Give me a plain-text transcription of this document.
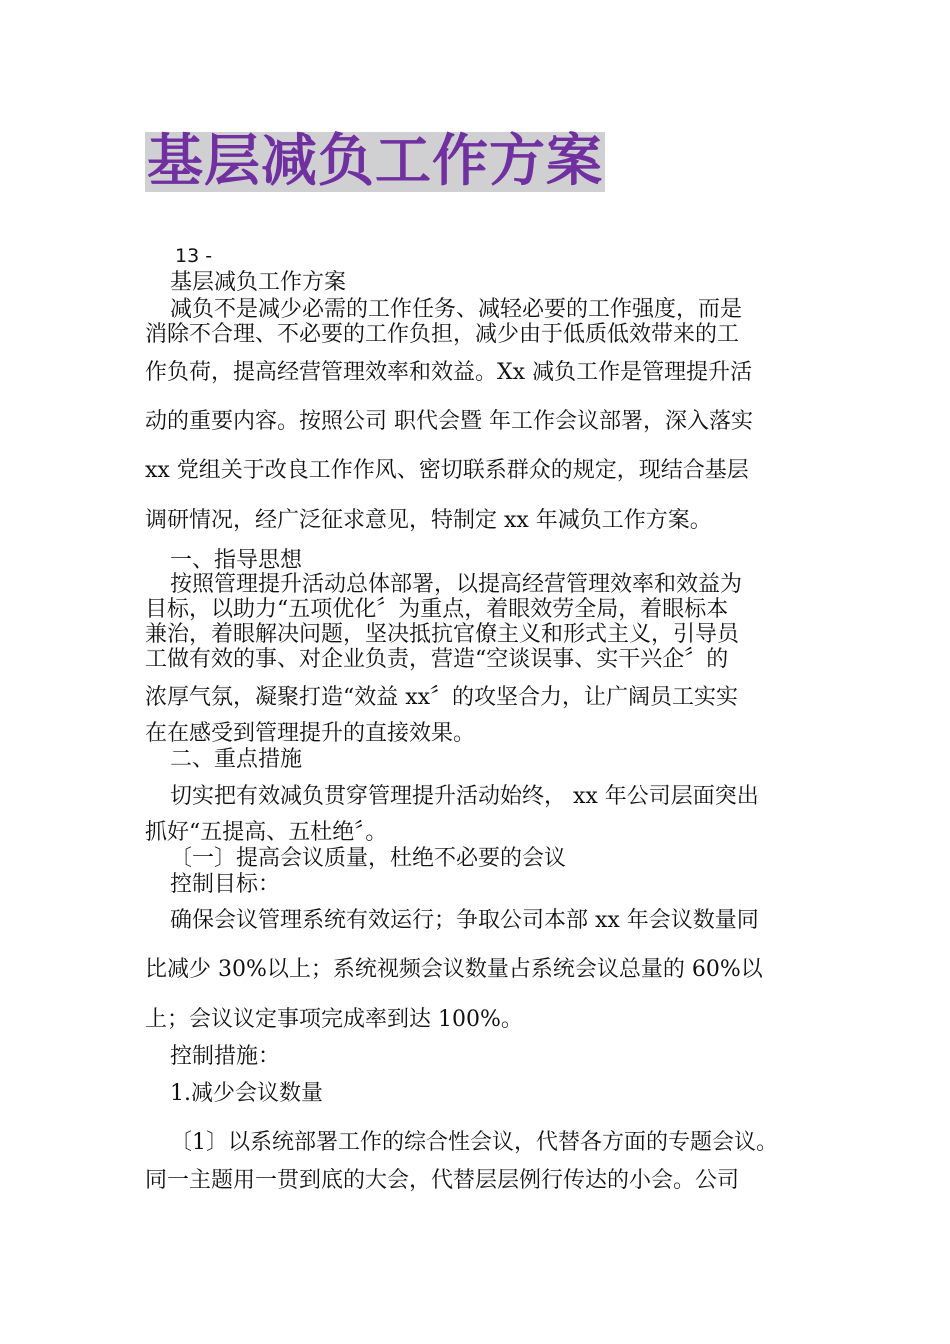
基层减负工作方案
13 -
基层减负工作方案
减负不是减少必需的工作任务、减轻必要的工作强度，而是
消除不合理、不必要的工作负担，减少由于低质低效带来的工
作负荷，提高经营管理效率和效益。Xx 减负工作是管理提升活
动的重要内容。按照公司 职代会暨 年工作会议部署，深入落实
xx 党组关于改良工作作风、密切联系群众的规定，现结合基层
调研情况，经广泛征求意见，特制定 xx 年减负工作方案。
一、指导思想
按照管理提升活动总体部署，以提高经营管理效率和效益为
目标，以助力“五项优化〞为重点，着眼效劳全局，着眼标本
兼治，着眼解决问题，坚决抵抗官僚主义和形式主义，引导员
工做有效的事、对企业负责，营造“空谈误事、实干兴企〞的
浓厚气氛，凝聚打造“效益 xx〞的攻坚合力，让广阔员工实实
在在感受到管理提升的直接效果。
二、重点措施
切实把有效减负贯穿管理提升活动始终， xx 年公司层面突出
抓好“五提高、五杜绝〞。
〔一〕提高会议质量，杜绝不必要的会议
控制目标：
确保会议管理系统有效运行；争取公司本部 xx 年会议数量同
比减少 30%以上；系统视频会议数量占系统会议总量的 60%以
上；会议议定事项完成率到达 100%。
控制措施：
1.减少会议数量
〔1〕以系统部署工作的综合性会议，代替各方面的专题会议。
同一主题用一贯到底的大会，代替层层例行传达的小会。公司
